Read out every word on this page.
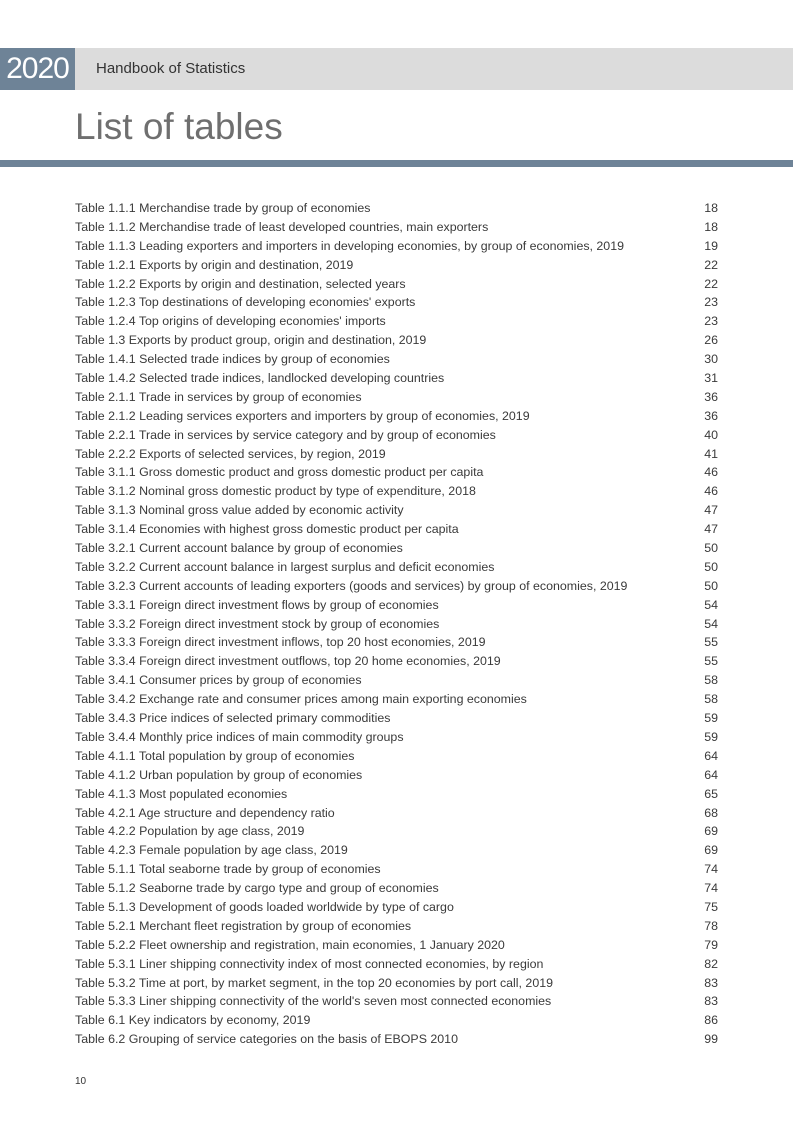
2020	Handbook of Statistics
List of tables
Table 1.1.1 Merchandise trade by group of economies	18
Table 1.1.2 Merchandise trade of least developed countries, main exporters	18
Table 1.1.3 Leading exporters and importers in developing economies, by group of economies, 2019	19
Table 1.2.1 Exports by origin and destination, 2019	22
Table 1.2.2 Exports by origin and destination, selected years	22
Table 1.2.3 Top destinations of developing economies' exports	23
Table 1.2.4 Top origins of developing economies' imports	23
Table 1.3 Exports by product group, origin and destination, 2019	26
Table 1.4.1 Selected trade indices by group of economies	30
Table 1.4.2 Selected trade indices, landlocked developing countries	31
Table 2.1.1 Trade in services by group of economies	36
Table 2.1.2 Leading services exporters and importers by group of economies, 2019	36
Table 2.2.1 Trade in services by service category and by group of economies	40
Table 2.2.2 Exports of selected services, by region, 2019	41
Table 3.1.1 Gross domestic product and gross domestic product per capita	46
Table 3.1.2 Nominal gross domestic product by type of expenditure, 2018	46
Table 3.1.3 Nominal gross value added by economic activity	47
Table 3.1.4 Economies with highest gross domestic product per capita	47
Table 3.2.1 Current account balance by group of economies	50
Table 3.2.2 Current account balance in largest surplus and deficit economies	50
Table 3.2.3 Current accounts of leading exporters (goods and services) by group of economies, 2019	50
Table 3.3.1 Foreign direct investment flows by group of economies	54
Table 3.3.2 Foreign direct investment stock by group of economies	54
Table 3.3.3 Foreign direct investment inflows, top 20 host economies, 2019	55
Table 3.3.4 Foreign direct investment outflows, top 20 home economies, 2019	55
Table 3.4.1 Consumer prices by group of economies	58
Table 3.4.2 Exchange rate and consumer prices among main exporting economies	58
Table 3.4.3 Price indices of selected primary commodities	59
Table 3.4.4 Monthly price indices of main commodity groups	59
Table 4.1.1 Total population by group of economies	64
Table 4.1.2 Urban population by group of economies	64
Table 4.1.3 Most populated economies	65
Table 4.2.1 Age structure and dependency ratio	68
Table 4.2.2 Population by age class, 2019	69
Table 4.2.3 Female population by age class, 2019	69
Table 5.1.1 Total seaborne trade by group of economies	74
Table 5.1.2 Seaborne trade by cargo type and group of economies	74
Table 5.1.3 Development of goods loaded worldwide by type of cargo	75
Table 5.2.1 Merchant fleet registration by group of economies	78
Table 5.2.2 Fleet ownership and registration, main economies, 1 January 2020	79
Table 5.3.1 Liner shipping connectivity index of most connected economies, by region	82
Table 5.3.2 Time at port, by market segment, in the top 20 economies by port call, 2019	83
Table 5.3.3 Liner shipping connectivity of the world's seven most connected economies	83
Table 6.1 Key indicators by economy, 2019	86
Table 6.2 Grouping of service categories on the basis of EBOPS 2010	99
10
